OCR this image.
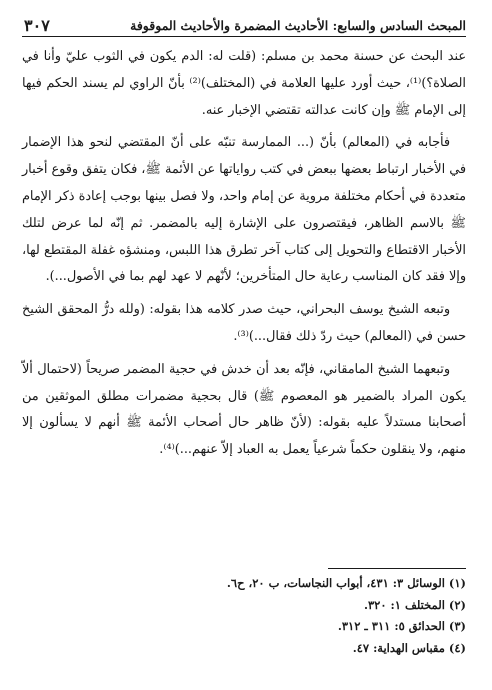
المبحث السادس والسابع: الأحاديث المضمرة والأحاديث الموقوفة
٣٠٧

عند البحث عن حسنة محمد بن مسلم: (قلت له: الدم يكون في الثوب عليّ وأنا في الصلاة؟)⁽¹⁾، حيث أورد عليها العلامة في (المختلف)⁽²⁾ بأنّ الراوي لم يسند الحكم فيها إلى الإمام ﷺ وإن كانت عدالته تقتضي الإخبار عنه.

فأجابه في (المعالم) بأنّ (... الممارسة تنبّه على أنّ المقتضي لنحو هذا الإضمار في الأخبار ارتباط بعضها ببعض في كتب رواياتها عن الأئمة ﷺ، فكان يتفق وقوع أخبار متعددة في أحكام مختلفة مروية عن إمام واحد، ولا فصل بينها بوجب إعادة ذكر الإمام ﷺ بالاسم الظاهر، فيقتصرون على الإشارة إليه بالمضمر. ثم إنّه لما عرض لتلك الأخبار الاقتطاع والتحويل إلى كتاب آخر تطرق هذا اللبس، ومنشؤه غفلة المقتطع لها، وإلا فقد كان المناسب رعاية حال المتأخرين؛ لأنّهم لا عهد لهم بما في الأصول...).

وتبعه الشيخ يوسف البحراني، حيث صدر كلامه هذا بقوله: (ولله درُّ المحقق الشيخ حسن في (المعالم) حيث ردّ ذلك فقال...)⁽³⁾.

وتبعهما الشيخ المامقاني، فإنّه بعد أن خدش في حجية المضمر صريحاً (لاحتمال ألاّ يكون المراد بالضمير هو المعصوم ﷺ) قال بحجية مضمرات مطلق الموثقين من أصحابنا مستدلاً عليه بقوله: (لأنّ ظاهر حال أصحاب الأئمة ﷺ أنهم لا يسألون إلا منهم، ولا ينقلون حكماً شرعياً يعمل به العباد إلاّ عنهم...)⁽⁴⁾.

(١) الوسائل ٣: ٤٣١، أبواب النجاسات، ب ٢٠، ح٦.
(٢) المختلف ١: ٣٢٠.
(٣) الحدائق ٥: ٣١١ ـ ٣١٢.
(٤) مقباس الهداية: ٤٧.
